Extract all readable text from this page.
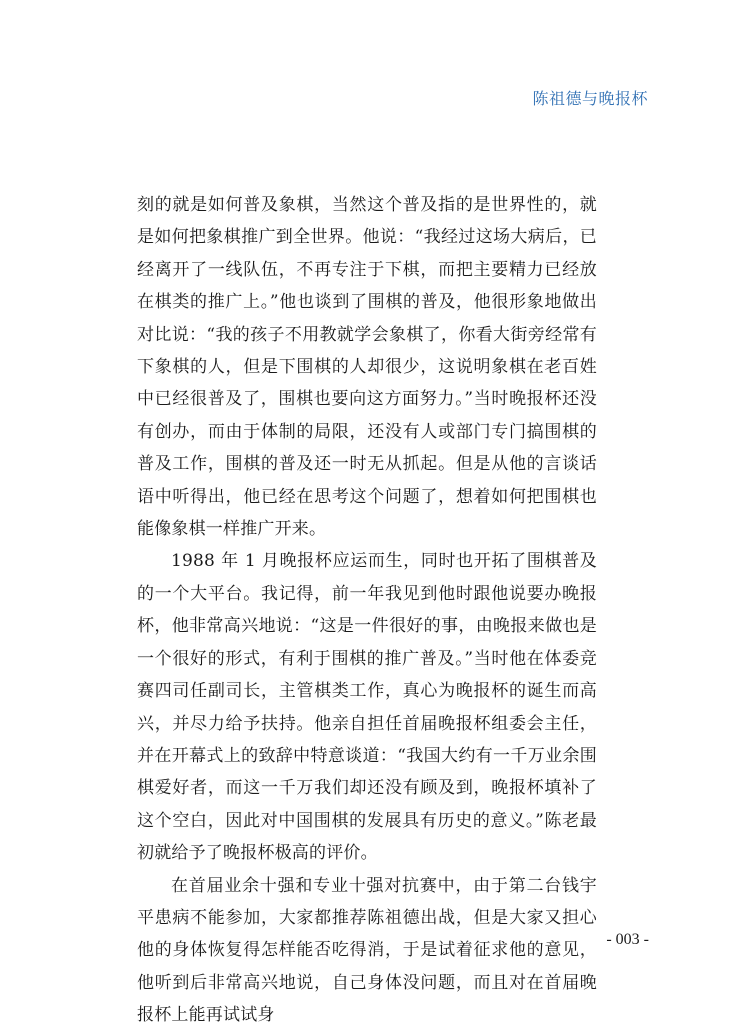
陈祖德与晚报杯

刻的就是如何普及象棋，当然这个普及指的是世界性的，就是如何把象棋推广到全世界。他说：“我经过这场大病后，已经离开了一线队伍，不再专注于下棋，而把主要精力已经放在棋类的推广上。”他也谈到了围棋的普及，他很形象地做出对比说：“我的孩子不用教就学会象棋了，你看大街旁经常有下象棋的人，但是下围棋的人却很少，这说明象棋在老百姓中已经很普及了，围棋也要向这方面努力。”当时晚报杯还没有创办，而由于体制的局限，还没有人或部门专门搞围棋的普及工作，围棋的普及还一时无从抓起。但是从他的言谈话语中听得出，他已经在思考这个问题了，想着如何把围棋也能像象棋一样推广开来。

1988 年 1 月晚报杯应运而生，同时也开拓了围棋普及的一个大平台。我记得，前一年我见到他时跟他说要办晚报杯，他非常高兴地说：“这是一件很好的事，由晚报来做也是一个很好的形式，有利于围棋的推广普及。”当时他在体委竞赛四司任副司长，主管棋类工作，真心为晚报杯的诞生而高兴，并尽力给予扶持。他亲自担任首届晚报杯组委会主任，并在开幕式上的致辞中特意谈道：“我国大约有一千万业余围棋爱好者，而这一千万我们却还没有顾及到，晚报杯填补了这个空白，因此对中国围棋的发展具有历史的意义。”陈老最初就给予了晚报杯极高的评价。

在首届业余十强和专业十强对抗赛中，由于第二台钱宇平患病不能参加，大家都推荐陈祖德出战，但是大家又担心他的身体恢复得怎样能否吃得消，于是试着征求他的意见，他听到后非常高兴地说，自己身体没问题，而且对在首届晚报杯上能再试试身

- 003 -
